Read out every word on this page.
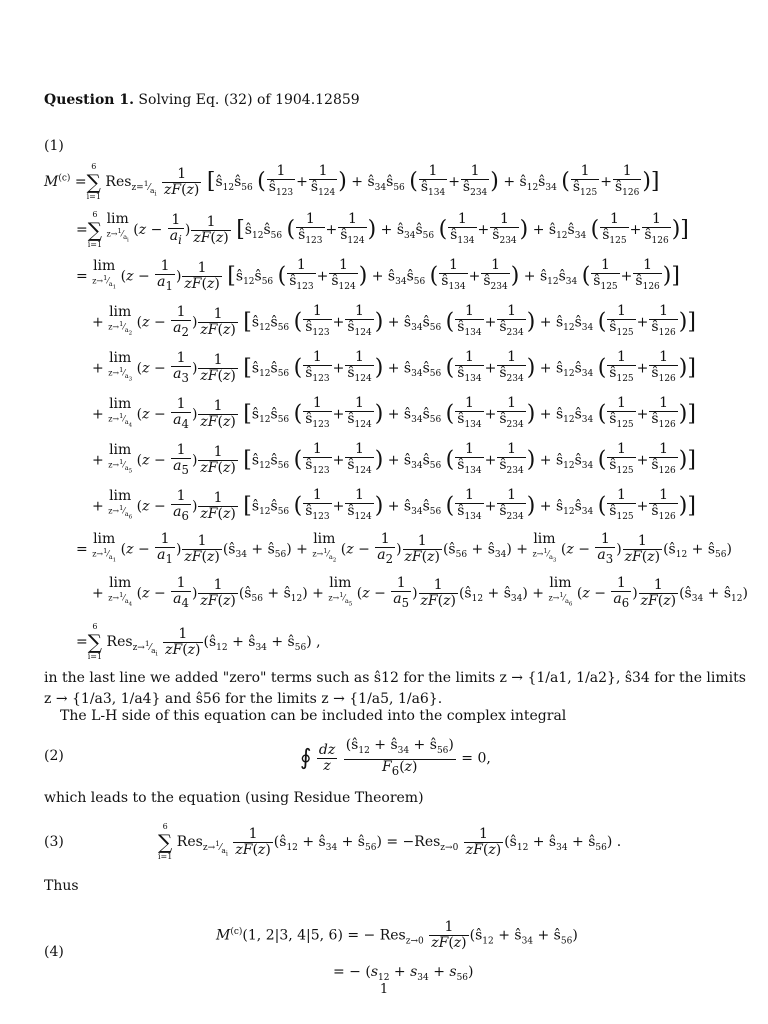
Question 1. Solving Eq. (32) of 1904.12859
(1)
$M^{(c)}$ =
6
∑
i=1
$Res_{z=^1⁄_{a_i}} \frac{1}{zF(z)}$ [$ŝ_{12}ŝ_{56}$ ( $\frac{1}{ŝ_{123}} + \frac{1}{ŝ_{124}}$ ) + $ŝ_{34}ŝ_{56}$ ( $\frac{1}{ŝ_{134}} + \frac{1}{ŝ_{234}}$ ) + $ŝ_{12}ŝ_{34}$ ( $\frac{1}{ŝ_{125}} + \frac{1}{ŝ_{126}}$ )]
=
6
∑
i=1
lim
$z\to^1⁄_{a_i}$
($z - \frac{1}{a_i}$ ) $\frac{1}{zF(z)}$ [$ŝ_{12}ŝ_{56}$ ( $\frac{1}{ŝ_{123}} + \frac{1}{ŝ_{124}}$ ) + $ŝ_{34}ŝ_{56}$ ( $\frac{1}{ŝ_{134}} + \frac{1}{ŝ_{234}}$ ) + $ŝ_{12}ŝ_{34}$ ( $\frac{1}{ŝ_{125}} + \frac{1}{ŝ_{126}}$ )]
= lim
$z\to^1⁄_{a_1}$
($z - \frac{1}{a_1}$ ) $\frac{1}{zF(z)}$ [$ŝ_{12}ŝ_{56}$ ( $\frac{1}{ŝ_{123}} + \frac{1}{ŝ_{124}}$ ) + $ŝ_{34}ŝ_{56}$ ( $\frac{1}{ŝ_{134}} + \frac{1}{ŝ_{234}}$ ) + $ŝ_{12}ŝ_{34}$ ( $\frac{1}{ŝ_{125}} + \frac{1}{ŝ_{126}}$ )]
+ lim
$z\to^1⁄_{a_2}$
($z - \frac{1}{a_2}$ ) $\frac{1}{zF(z)}$ [$ŝ_{12}ŝ_{56}$ ( $\frac{1}{ŝ_{123}} + \frac{1}{ŝ_{124}}$ ) + $ŝ_{34}ŝ_{56}$ ( $\frac{1}{ŝ_{134}} + \frac{1}{ŝ_{234}}$ ) + $ŝ_{12}ŝ_{34}$ ( $\frac{1}{ŝ_{125}} + \frac{1}{ŝ_{126}}$ )]
+ lim
$z\to^1⁄_{a_3}$
($z - \frac{1}{a_3}$ ) $\frac{1}{zF(z)}$ [$ŝ_{12}ŝ_{56}$ ( $\frac{1}{ŝ_{123}} + \frac{1}{ŝ_{124}}$ ) + $ŝ_{34}ŝ_{56}$ ( $\frac{1}{ŝ_{134}} + \frac{1}{ŝ_{234}}$ ) + $ŝ_{12}ŝ_{34}$ ( $\frac{1}{ŝ_{125}} + \frac{1}{ŝ_{126}}$ )]
+ lim
$z\to^1⁄_{a_4}$
($z - \frac{1}{a_4}$ ) $\frac{1}{zF(z)}$ [$ŝ_{12}ŝ_{56}$ ( $\frac{1}{ŝ_{123}} + \frac{1}{ŝ_{124}}$ ) + $ŝ_{34}ŝ_{56}$ ( $\frac{1}{ŝ_{134}} + \frac{1}{ŝ_{234}}$ ) + $ŝ_{12}ŝ_{34}$ ( $\frac{1}{ŝ_{125}} + \frac{1}{ŝ_{126}}$ )]
+ lim
$z\to^1⁄_{a_5}$
($z - \frac{1}{a_5}$ ) $\frac{1}{zF(z)}$ [$ŝ_{12}ŝ_{56}$ ( $\frac{1}{ŝ_{123}} + \frac{1}{ŝ_{124}}$ ) + $ŝ_{34}ŝ_{56}$ ( $\frac{1}{ŝ_{134}} + \frac{1}{ŝ_{234}}$ ) + $ŝ_{12}ŝ_{34}$ ( $\frac{1}{ŝ_{125}} + \frac{1}{ŝ_{126}}$ )]
+ lim
$z\to^1⁄_{a_6}$
($z - \frac{1}{a_6}$ ) $\frac{1}{zF(z)}$ [$ŝ_{12}ŝ_{56}$ ( $\frac{1}{ŝ_{123}} + \frac{1}{ŝ_{124}}$ ) + $ŝ_{34}ŝ_{56}$ ( $\frac{1}{ŝ_{134}} + \frac{1}{ŝ_{234}}$ ) + $ŝ_{12}ŝ_{34}$ ( $\frac{1}{ŝ_{125}} + \frac{1}{ŝ_{126}}$ )]
= lim
$z\to^1⁄_{a_1}$
($z - \frac{1}{a_1}$ ) $\frac{1}{zF(z)}$ ($ŝ_{34}$ + $ŝ_{56}) + \lim$
$z\to^1⁄_{a_2}$
($z - \frac{1}{a_2}$ ) $\frac{1}{zF(z)}$ ($ŝ_{56}$ + $ŝ_{34}) + \lim$
$z\to^1⁄_{a_3}$
($z - \frac{1}{a_3}$ ) $\frac{1}{zF(z)}$ ($ŝ_{12}$ + $ŝ_{56}$)
+ lim
$z\to^1⁄_{a_4}$
($z - \frac{1}{a_4}$ ) $\frac{1}{zF(z)}$ ($ŝ_{56}$ + $ŝ_{12}) + \lim$
$z\to^1⁄_{a_5}$
($z - \frac{1}{a_5}$ ) $\frac{1}{zF(z)}$ ($ŝ_{12}$ + $ŝ_{34}) + \lim$
$z\to^1⁄_{a_6}$
($z - \frac{1}{a_6}$ ) $\frac{1}{zF(z)}$ ($ŝ_{34}$ + $ŝ_{12}$)
=
6
∑
i=1
$Res_{z\to^1⁄_{a_i}} \frac{1}{zF(z)}$ ($ŝ_{12}$ + $ŝ_{34}$ + $ŝ_{56}$) ,
in the last line we added "zero" terms such as ŝ12 for the limits z → {1/a1, 1/a2}, ŝ34 for the limits
z → {1/a3, 1/a4} and ŝ56 for the limits z → {1/a5, 1/a6}.
The L-H side of this equation can be included into the complex integral
(2)	∮ $\frac{dz}{z}$
$\frac{(ŝ_{12} + ŝ_{34} + ŝ_{56})}{F_6(z)} = 0$,
which leads to the equation (using Residue Theorem)
(3)
6
∑
i=1
$Res_{z\to^1⁄_{a_i}} \frac{1}{zF(z)}$ ($ŝ_{12}$ + $ŝ_{34}$ + $ŝ_{56}) = -Res_{z\to 0} \frac{1}{zF(z)}$ ($ŝ_{12}$ + $ŝ_{34}$ + $ŝ_{56}$) .
Thus
(4)
$M^{(c)}(1$, 2|3, 4|5, 6) = − $Res_{z\to 0} \frac{1}{zF(z)}$ ($ŝ_{12}$ + $ŝ_{34}$ + $ŝ_{56}$)
= − $(s_{12} + s_{34} + s_{56})$
1
